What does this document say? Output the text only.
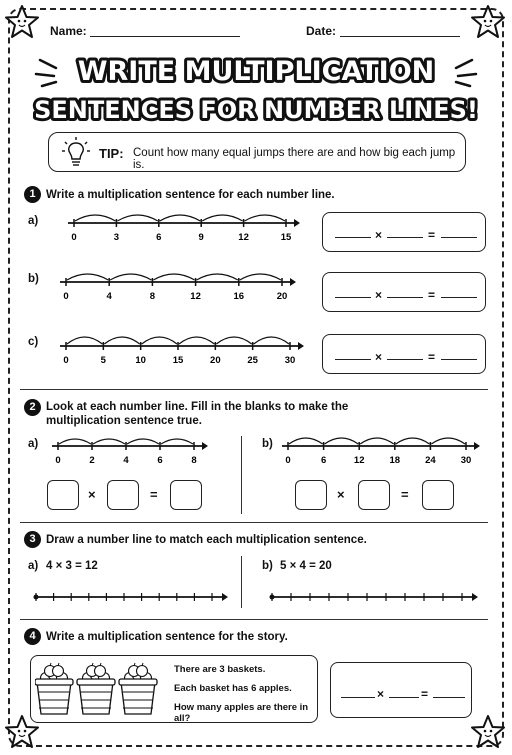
Name:	Date:
WRITE MULTIPLICATION
SENTENCES FOR NUMBER LINES!
TIP: Count how many equal jumps there are and how big each jump is.
1 Write a multiplication sentence for each number line.
a)
0	3	6	9	12	15	×	=
b)
0	4	8	12	16	20	×	=
c)
0	5	10	15	20	25	30	×	=
2 Look at each number line. Fill in the blanks to make the
multiplication sentence true.
a)
0	2	4	6	8
×	=
b)
0	6	12	18	24	30
×	=
3 Draw a number line to match each multiplication sentence.
a) 4 × 3 = 12	b) 5 × 4 = 20
4 Write a multiplication sentence for the story.
There are 3 baskets.
Each basket has 6 apples.
How many apples are there in all?
×	=
